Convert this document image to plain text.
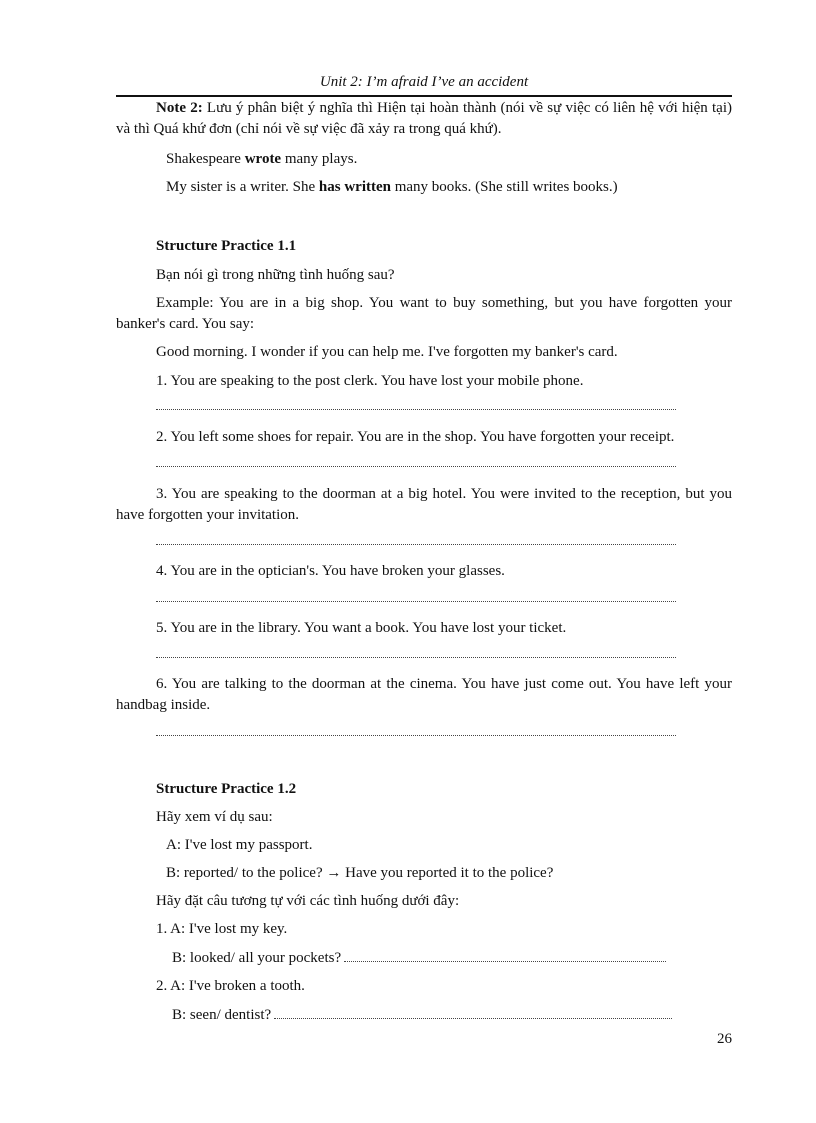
Unit 2: I’m afraid I’ve an accident
Note 2: Lưu ý phân biệt ý nghĩa thì Hiện tại hoàn thành (nói về sự việc có liên hệ với hiện tại) và thì Quá khứ đơn (chỉ nói về sự việc đã xảy ra trong quá khứ).
Shakespeare wrote many plays.
My sister is a writer. She has written many books. (She still writes books.)
Structure Practice 1.1
Bạn nói gì trong những tình huống sau?
Example: You are in a big shop. You want to buy something, but you have forgotten your banker's card. You say:
Good morning. I wonder if you can help me. I've forgotten my banker's card.
1. You are speaking to the post clerk. You have lost your mobile phone.
2. You left some shoes for repair. You are in the shop. You have forgotten your receipt.
3. You are speaking to the doorman at a big hotel. You were invited to the reception, but you have forgotten your invitation.
4. You are in the optician's. You have broken your glasses.
5. You are in the library. You want a book. You have lost your ticket.
6. You are talking to the doorman at the cinema. You have just come out. You have left your handbag inside.
Structure Practice 1.2
Hãy xem ví dụ sau:
A: I've lost my passport.
B: reported/ to the police? → Have you reported it to the police?
Hãy đặt câu tương tự với các tình huống dưới đây:
1. A: I've lost my key.
B: looked/ all your pockets?
2. A: I've broken a tooth.
B: seen/ dentist?
26
